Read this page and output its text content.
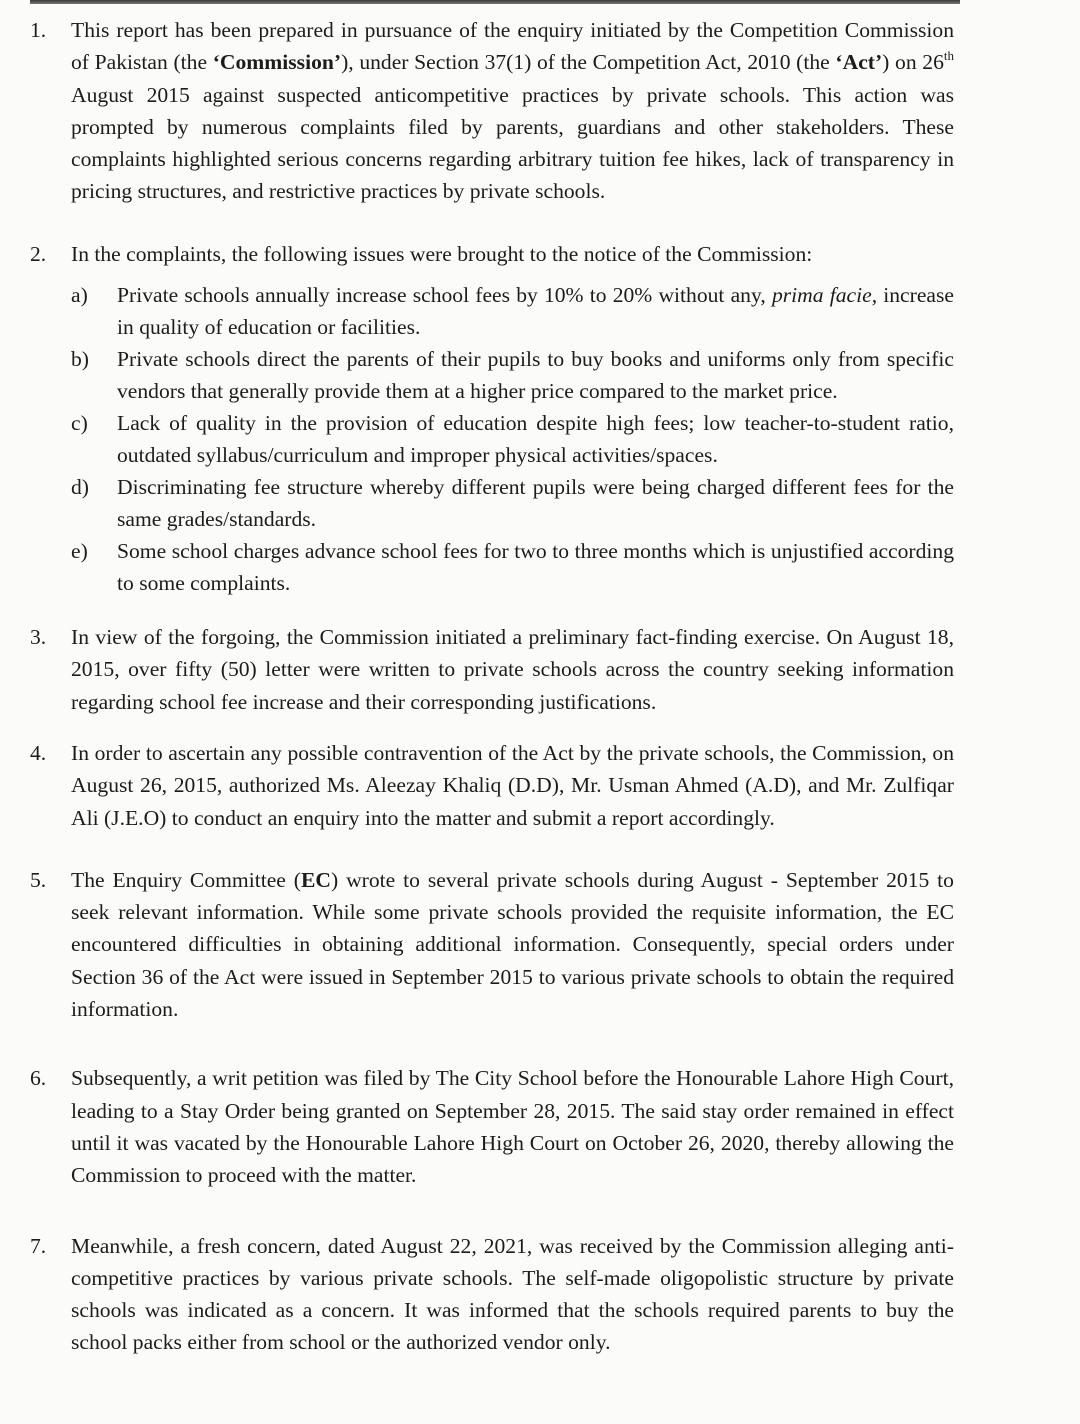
1. This report has been prepared in pursuance of the enquiry initiated by the Competition Commission of Pakistan (the ‘Commission’), under Section 37(1) of the Competition Act, 2010 (the ‘Act’) on 26th August 2015 against suspected anticompetitive practices by private schools. This action was prompted by numerous complaints filed by parents, guardians and other stakeholders. These complaints highlighted serious concerns regarding arbitrary tuition fee hikes, lack of transparency in pricing structures, and restrictive practices by private schools.

2. In the complaints, the following issues were brought to the notice of the Commission:

a) Private schools annually increase school fees by 10% to 20% without any, prima facie, increase in quality of education or facilities.
b) Private schools direct the parents of their pupils to buy books and uniforms only from specific vendors that generally provide them at a higher price compared to the market price.
c) Lack of quality in the provision of education despite high fees; low teacher-to-student ratio, outdated syllabus/curriculum and improper physical activities/spaces.
d) Discriminating fee structure whereby different pupils were being charged different fees for the same grades/standards.
e) Some school charges advance school fees for two to three months which is unjustified according to some complaints.
3. In view of the forgoing, the Commission initiated a preliminary fact-finding exercise. On August 18, 2015, over fifty (50) letter were written to private schools across the country seeking information regarding school fee increase and their corresponding justifications.

4. In order to ascertain any possible contravention of the Act by the private schools, the Commission, on August 26, 2015, authorized Ms. Aleezay Khaliq (D.D), Mr. Usman Ahmed (A.D), and Mr. Zulfiqar Ali (J.E.O) to conduct an enquiry into the matter and submit a report accordingly.

5. The Enquiry Committee (EC) wrote to several private schools during August - September 2015 to seek relevant information. While some private schools provided the requisite information, the EC encountered difficulties in obtaining additional information. Consequently, special orders under Section 36 of the Act were issued in September 2015 to various private schools to obtain the required information.

6. Subsequently, a writ petition was filed by The City School before the Honourable Lahore High Court, leading to a Stay Order being granted on September 28, 2015. The said stay order remained in effect until it was vacated by the Honourable Lahore High Court on October 26, 2020, thereby allowing the Commission to proceed with the matter.

7. Meanwhile, a fresh concern, dated August 22, 2021, was received by the Commission alleging anti-competitive practices by various private schools. The self-made oligopolistic structure by private schools was indicated as a concern. It was informed that the schools required parents to buy the school packs either from school or the authorized vendor only.
